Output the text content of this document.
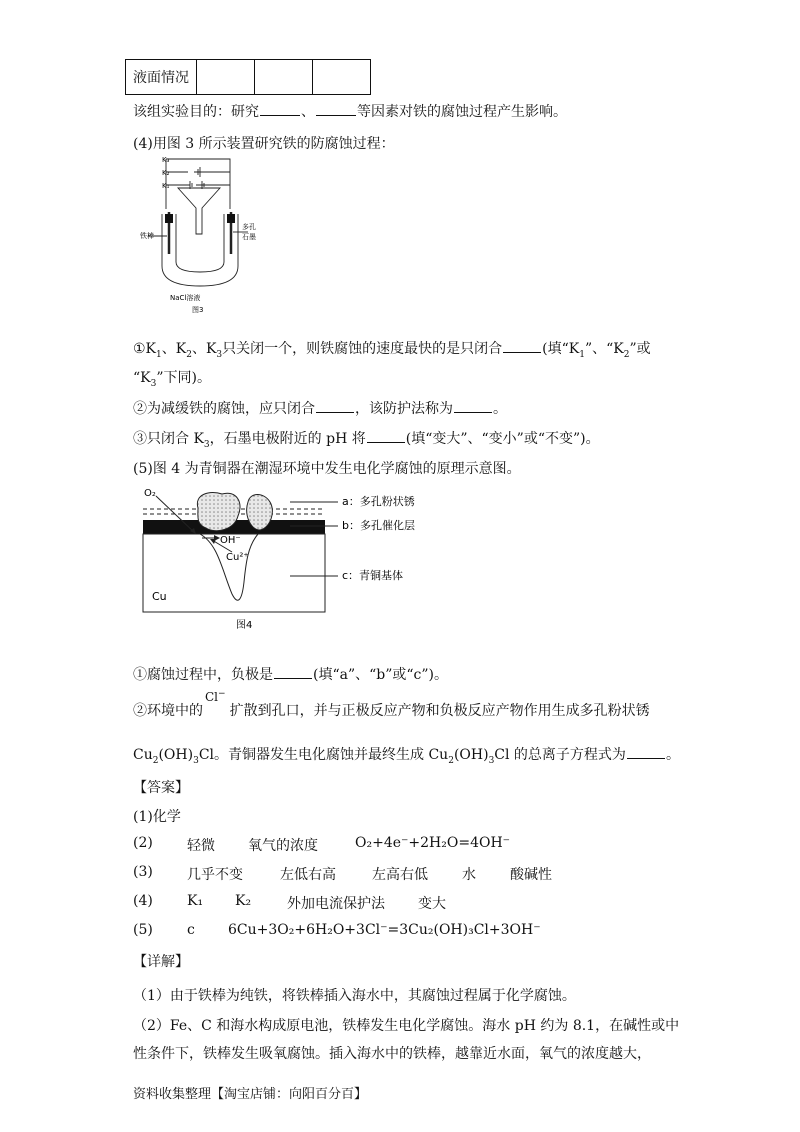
液面情况			
该组实验目的：研究	、	等因素对铁的腐蚀过程产生影响。
(4)用图 3 所示装置研究铁的防腐蚀过程：
K₃
K₂
K₁
铁棒
多孔
石墨
NaCl溶液
图3
$①K_1$、$K_2$、$K_3$只关闭一个，则铁腐蚀的速度最快的是只闭合	(填“$K_1$”、“$K_2$”或
“$K_3$”下同)。
②为减缓铁的腐蚀，应只闭合	，该防护法称为	。
③只闭合 $K_3$，石墨电极附近的 pH 将	(填“变大”、“变小”或“不变”)。
(5)图 4 为青铜器在潮湿环境中发生电化学腐蚀的原理示意图。
O₂
OH⁻
Cu²⁺
Cu
a：多孔粉状锈
b：多孔催化层
c：青铜基体
图4
①腐蚀过程中，负极是	(填“a”、“b”或“c”)。
②环境中的Cl−扩散到孔口，并与正极反应产物和负极反应产物作用生成多孔粉状锈
$Cu_2(OH)_3Cl$。青铜器发生电化腐蚀并最终生成 $Cu_2(OH)_3Cl$ 的总离子方程式为	。
【答案】
(1)化学
(2) 轻微 氧气的浓度	O₂+4e⁻+2H₂O=4OH⁻
(3) 几乎不变	左低右高	左高右低 水 酸碱性
(4) K₁ K₂	外加电流保护法 变大
(5) c 6Cu+3O₂+6H₂O+3Cl⁻=3Cu₂(OH)₃Cl+3OH⁻
【详解】
（1）由于铁棒为纯铁，将铁棒插入海水中，其腐蚀过程属于化学腐蚀。
（2）Fe、C 和海水构成原电池，铁棒发生电化学腐蚀。海水 pH 约为 8.1，在碱性或中
性条件下，铁棒发生吸氧腐蚀。插入海水中的铁棒，越靠近水面，氧气的浓度越大，
资料收集整理【淘宝店铺：向阳百分百】
